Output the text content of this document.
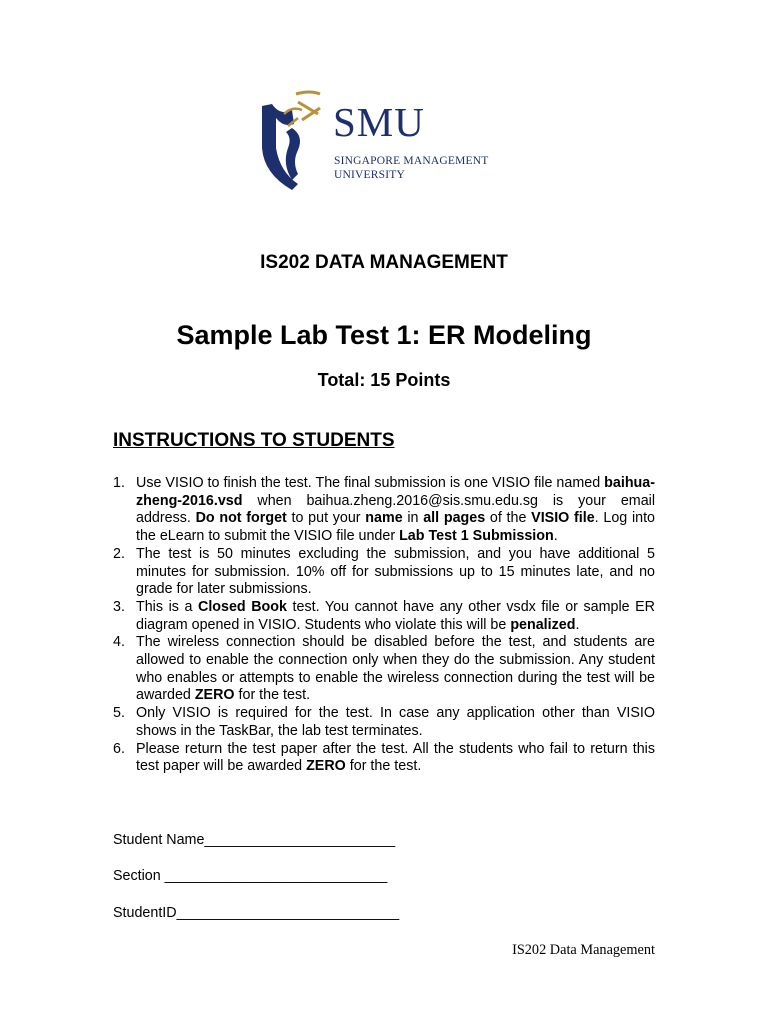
SMU
SINGAPORE MANAGEMENT
UNIVERSITY
IS202 DATA MANAGEMENT
Sample Lab Test 1: ER Modeling
Total: 15 Points
INSTRUCTIONS TO STUDENTS
1. Use VISIO to finish the test. The final submission is one VISIO file named baihua-zheng-2016.vsd when baihua.zheng.2016@sis.smu.edu.sg is your email address. Do not forget to put your name in all pages of the VISIO file. Log into the eLearn to submit the VISIO file under Lab Test 1 Submission.
2. The test is 50 minutes excluding the submission, and you have additional 5 minutes for submission. 10% off for submissions up to 15 minutes late, and no grade for later submissions.
3. This is a Closed Book test. You cannot have any other vsdx file or sample ER diagram opened in VISIO. Students who violate this will be penalized.
4. The wireless connection should be disabled before the test, and students are allowed to enable the connection only when they do the submission. Any student who enables or attempts to enable the wireless connection during the test will be awarded ZERO for the test.
5. Only VISIO is required for the test. In case any application other than VISIO shows in the TaskBar, the lab test terminates.
6. Please return the test paper after the test. All the students who fail to return this test paper will be awarded ZERO for the test.
Student Name________________________
Section ____________________________
StudentID____________________________
IS202 Data Management
